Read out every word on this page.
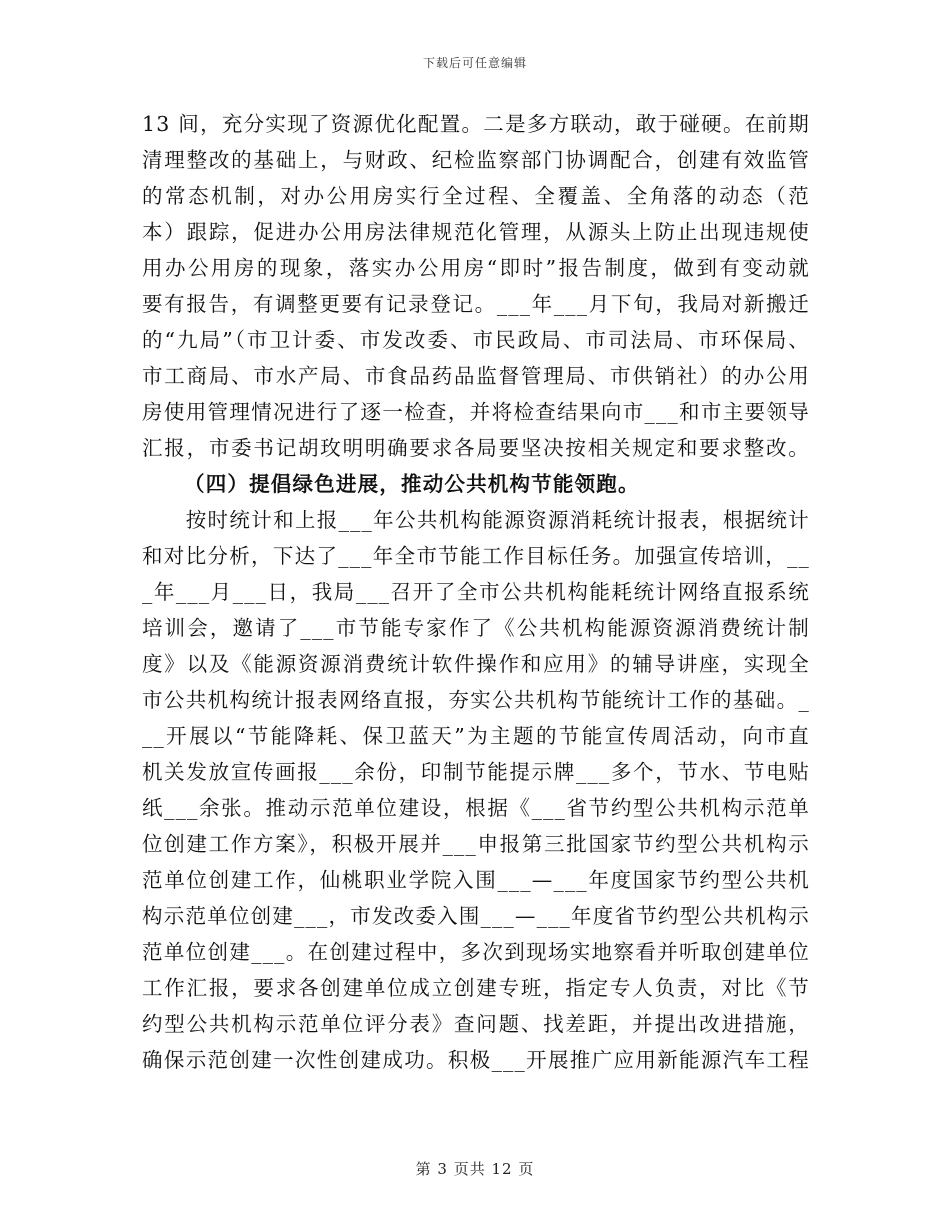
下载后可任意编辑
13 间，充分实现了资源优化配置。二是多方联动，敢于碰硬。在前期
清理整改的基础上，与财政、纪检监察部门协调配合，创建有效监管
的常态机制，对办公用房实行全过程、全覆盖、全角落的动态（范
本）跟踪，促进办公用房法律规范化管理，从源头上防止出现违规使
用办公用房的现象，落实办公用房“即时”报告制度，做到有变动就
要有报告，有调整更要有记录登记。___年___月下旬，我局对新搬迁
的“九局”（市卫计委、市发改委、市民政局、市司法局、市环保局、
市工商局、市水产局、市食品药品监督管理局、市供销社）的办公用
房使用管理情况进行了逐一检查，并将检查结果向市___和市主要领导
汇报，市委书记胡玫明明确要求各局要坚决按相关规定和要求整改。
（四）提倡绿色进展，推动公共机构节能领跑。
　　按时统计和上报___年公共机构能源资源消耗统计报表，根据统计
和对比分析，下达了___年全市节能工作目标任务。加强宣传培训，__
_年___月___日，我局___召开了全市公共机构能耗统计网络直报系统
培训会，邀请了___市节能专家作了《公共机构能源资源消费统计制
度》以及《能源资源消费统计软件操作和应用》的辅导讲座，实现全
市公共机构统计报表网络直报，夯实公共机构节能统计工作的基础。_
__开展以“节能降耗、保卫蓝天”为主题的节能宣传周活动，向市直
机关发放宣传画报___余份，印制节能提示牌___多个，节水、节电贴
纸___余张。推动示范单位建设，根据《___省节约型公共机构示范单
位创建工作方案》，积极开展并___申报第三批国家节约型公共机构示
范单位创建工作，仙桃职业学院入围___—___年度国家节约型公共机
构示范单位创建___，市发改委入围___—___年度省节约型公共机构示
范单位创建___。在创建过程中，多次到现场实地察看并听取创建单位
工作汇报，要求各创建单位成立创建专班，指定专人负责，对比《节
约型公共机构示范单位评分表》查问题、找差距，并提出改进措施，
确保示范创建一次性创建成功。积极___开展推广应用新能源汽车工程
第 3 页共 12 页
